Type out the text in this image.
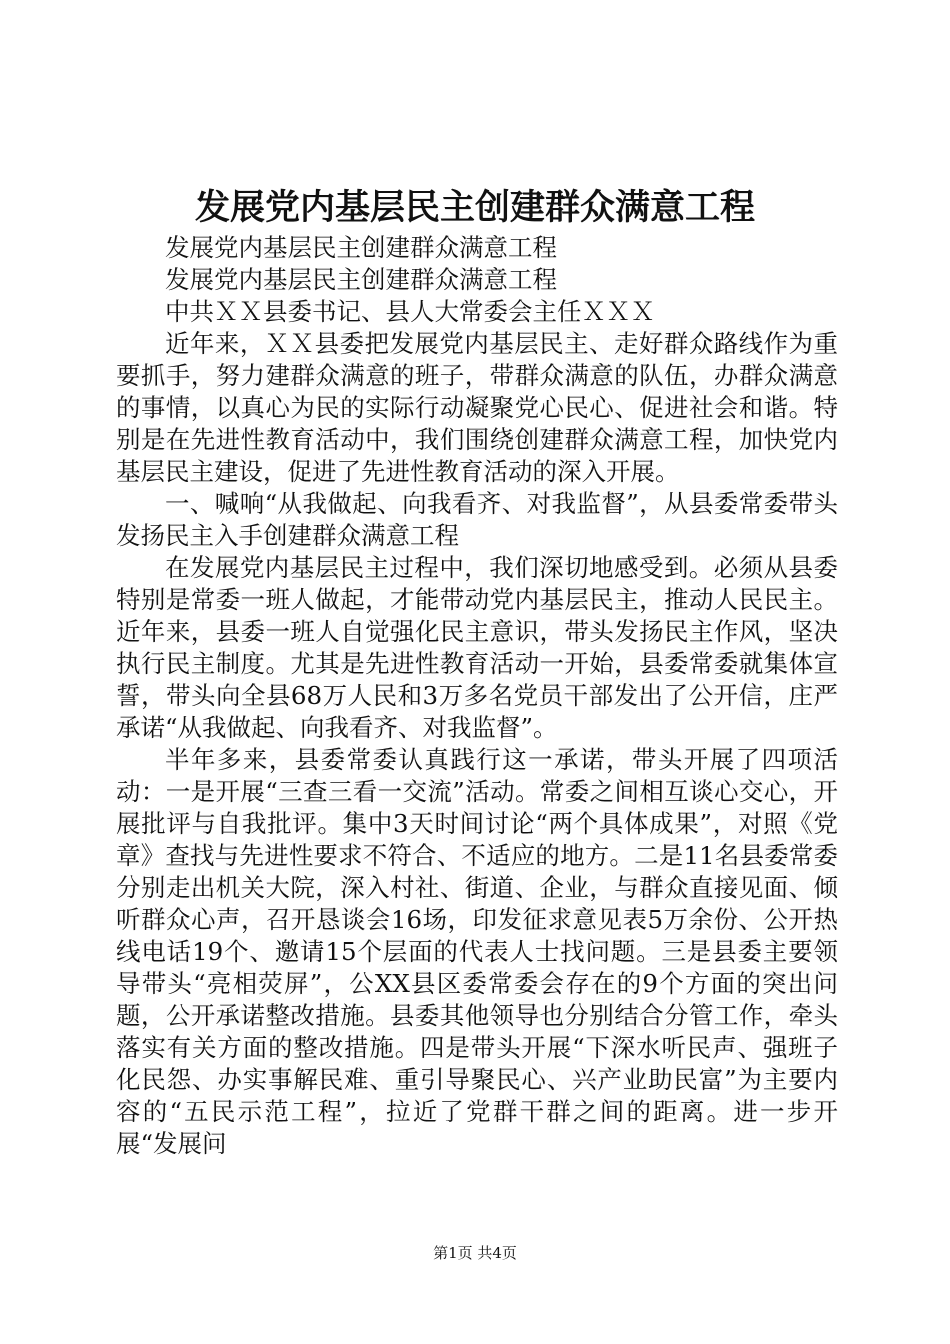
发展党内基层民主创建群众满意工程

发展党内基层民主创建群众满意工程

发展党内基层民主创建群众满意工程

中共ＸＸ县委书记、县人大常委会主任ＸＸＸ

近年来，ＸＸ县委把发展党内基层民主、走好群众路线作为重要抓手，努力建群众满意的班子，带群众满意的队伍，办群众满意的事情，以真心为民的实际行动凝聚党心民心、促进社会和谐。特别是在先进性教育活动中，我们围绕创建群众满意工程，加快党内基层民主建设，促进了先进性教育活动的深入开展。

一、喊响“从我做起、向我看齐、对我监督”，从县委常委带头发扬民主入手创建群众满意工程

在发展党内基层民主过程中，我们深切地感受到。必须从县委特别是常委一班人做起，才能带动党内基层民主，推动人民民主。近年来，县委一班人自觉强化民主意识，带头发扬民主作风，坚决执行民主制度。尤其是先进性教育活动一开始，县委常委就集体宣誓，带头向全县68万人民和3万多名党员干部发出了公开信，庄严承诺“从我做起、向我看齐、对我监督”。

半年多来，县委常委认真践行这一承诺，带头开展了四项活动：一是开展“三查三看一交流”活动。常委之间相互谈心交心，开展批评与自我批评。集中3天时间讨论“两个具体成果”，对照《党章》查找与先进性要求不符合、不适应的地方。二是11名县委常委分别走出机关大院，深入村社、街道、企业，与群众直接见面、倾听群众心声，召开恳谈会16场，印发征求意见表5万余份、公开热线电话19个、邀请15个层面的代表人士找问题。三是县委主要领导带头“亮相荧屏”，公XX县区委常委会存在的9个方面的突出问题，公开承诺整改措施。县委其他领导也分别结合分管工作，牵头落实有关方面的整改措施。四是带头开展“下深水听民声、强班子化民怨、办实事解民难、重引导聚民心、兴产业助民富”为主要内容的“五民示范工程”，拉近了党群干群之间的距离。进一步开展“发展问

第1页 共4页
